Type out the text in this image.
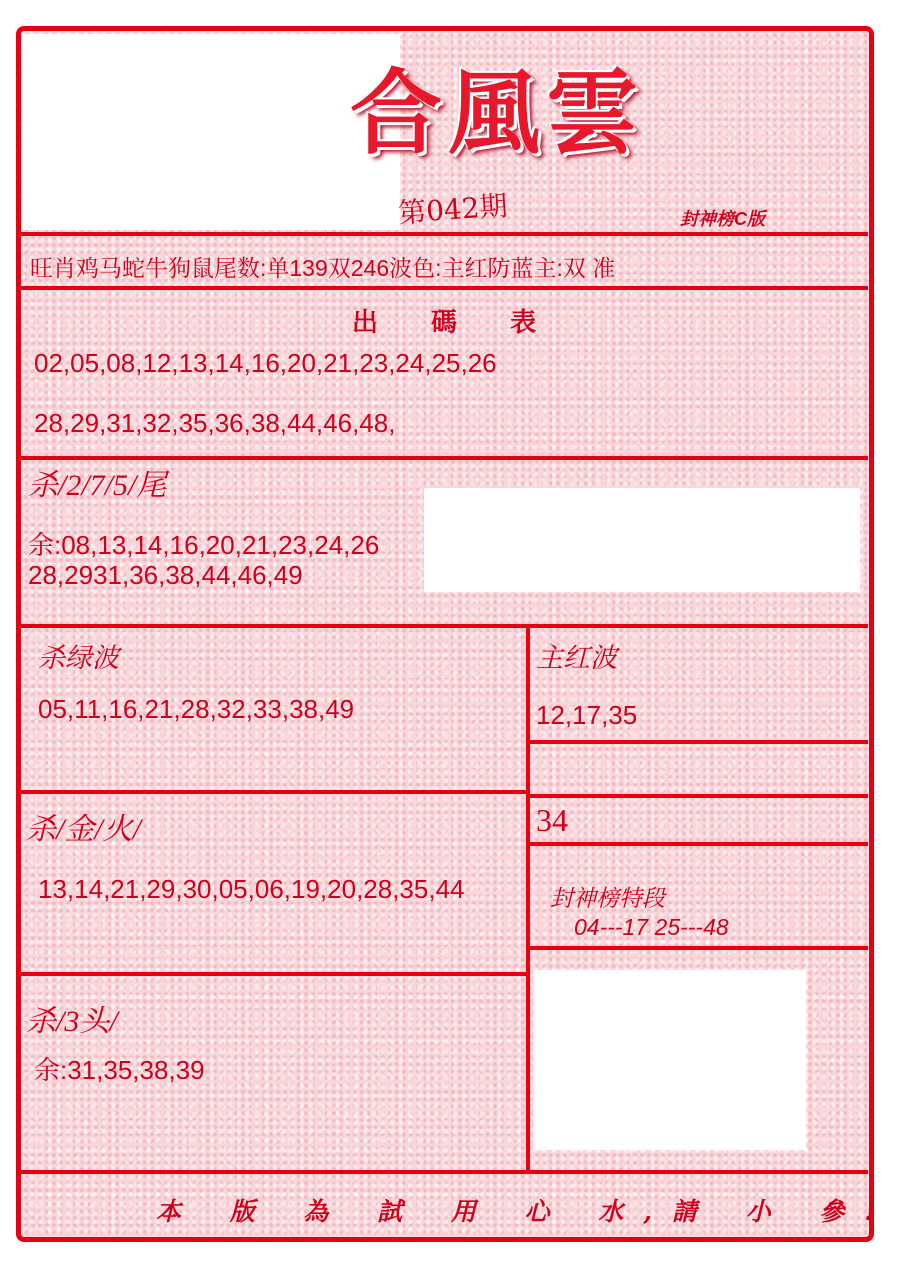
合風雲
第042期	封神榜C版
旺肖鸡马蛇牛狗鼠尾数:单139双246波色:主红防蓝主:双 准
出 碼 表
02,05,08,12,13,14,16,20,21,23,24,25,26
28,29,31,32,35,36,38,44,46,48,
杀/2/7/5/尾
余:08,13,14,16,20,21,23,24,26
28,2931,36,38,44,46,49
杀绿波
05,11,16,21,28,32,33,38,49
杀/金/火/
13,14,21,29,30,05,06,19,20,28,35,44
杀/3头/
余:31,35,38,39
主红波
12,17,35
34
封神榜特段
04---17 25---48
本 版 為 試 用 心 水,請 小 參!
